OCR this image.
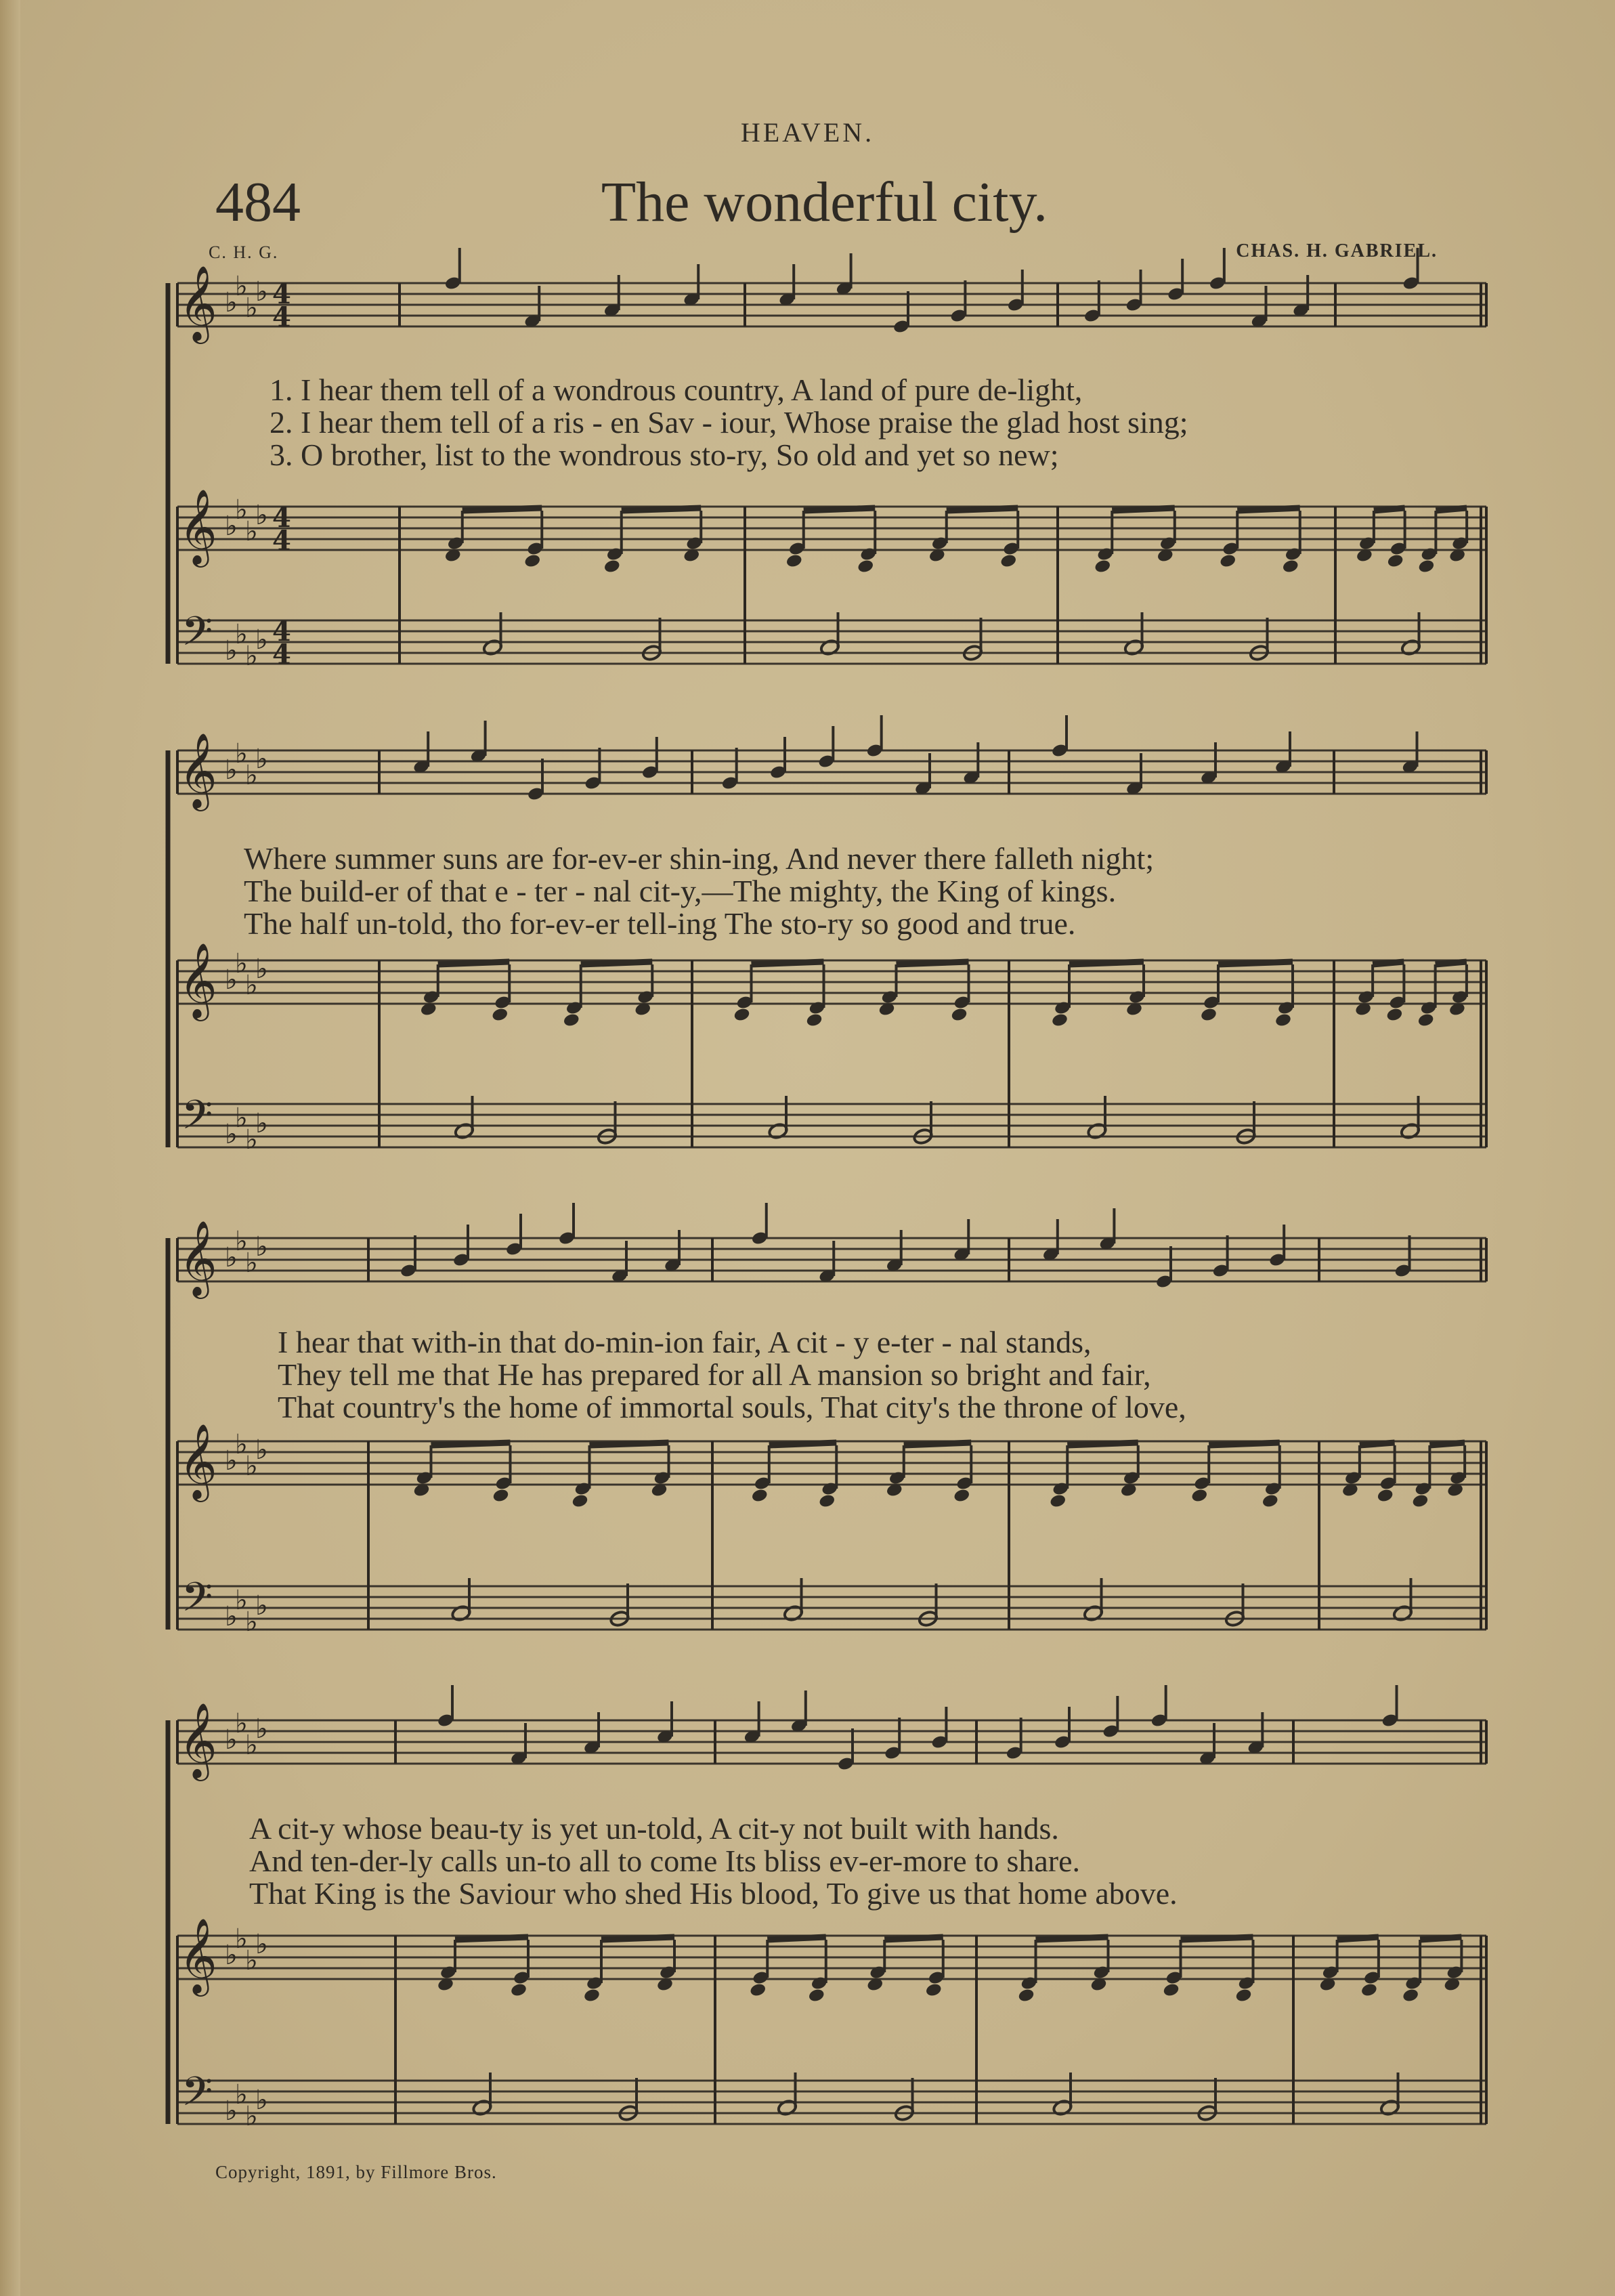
HEAVEN.
484	The wonderful city.
C. H. G.	CHAS. H. GABRIEL.
𝄞
𝄞
𝄢
♭
♭
♭
♭
♭
♭
♭
♭
♭
♭
♭
♭
4
4
4
4
4
4
𝄞
𝄞
𝄢
♭
♭
♭
♭
♭
♭
♭
♭
♭
♭
♭
♭
𝄞
𝄞
𝄢
♭
♭
♭
♭
♭
♭
♭
♭
♭
♭
♭
♭
𝄞
𝄞
𝄢
♭
♭
♭
♭
♭
♭
♭
♭
♭
♭
♭
♭
1. I hear them tell of a wondrous country, A land of pure de-light,
2. I hear them tell of a ris - en Sav - iour, Whose praise the glad host sing;
3. O brother, list to the wondrous sto-ry, So old and yet so new;
Where summer suns are for-ev-er shin-ing, And never there falleth night;
The build-er of that e - ter - nal cit-y,—The mighty, the King of kings.
The half un-told, tho for-ev-er tell-ing The sto-ry so good and true.
I hear that with-in that do-min-ion fair, A cit - y e-ter - nal stands,
They tell me that He has prepared for all A mansion so bright and fair,
That country's the home of immortal souls, That city's the throne of love,
A cit-y whose beau-ty is yet un-told, A cit-y not built with hands.
And ten-der-ly calls un-to all to come Its bliss ev-er-more to share.
That King is the Saviour who shed His blood, To give us that home above.
Copyright, 1891, by Fillmore Bros.
